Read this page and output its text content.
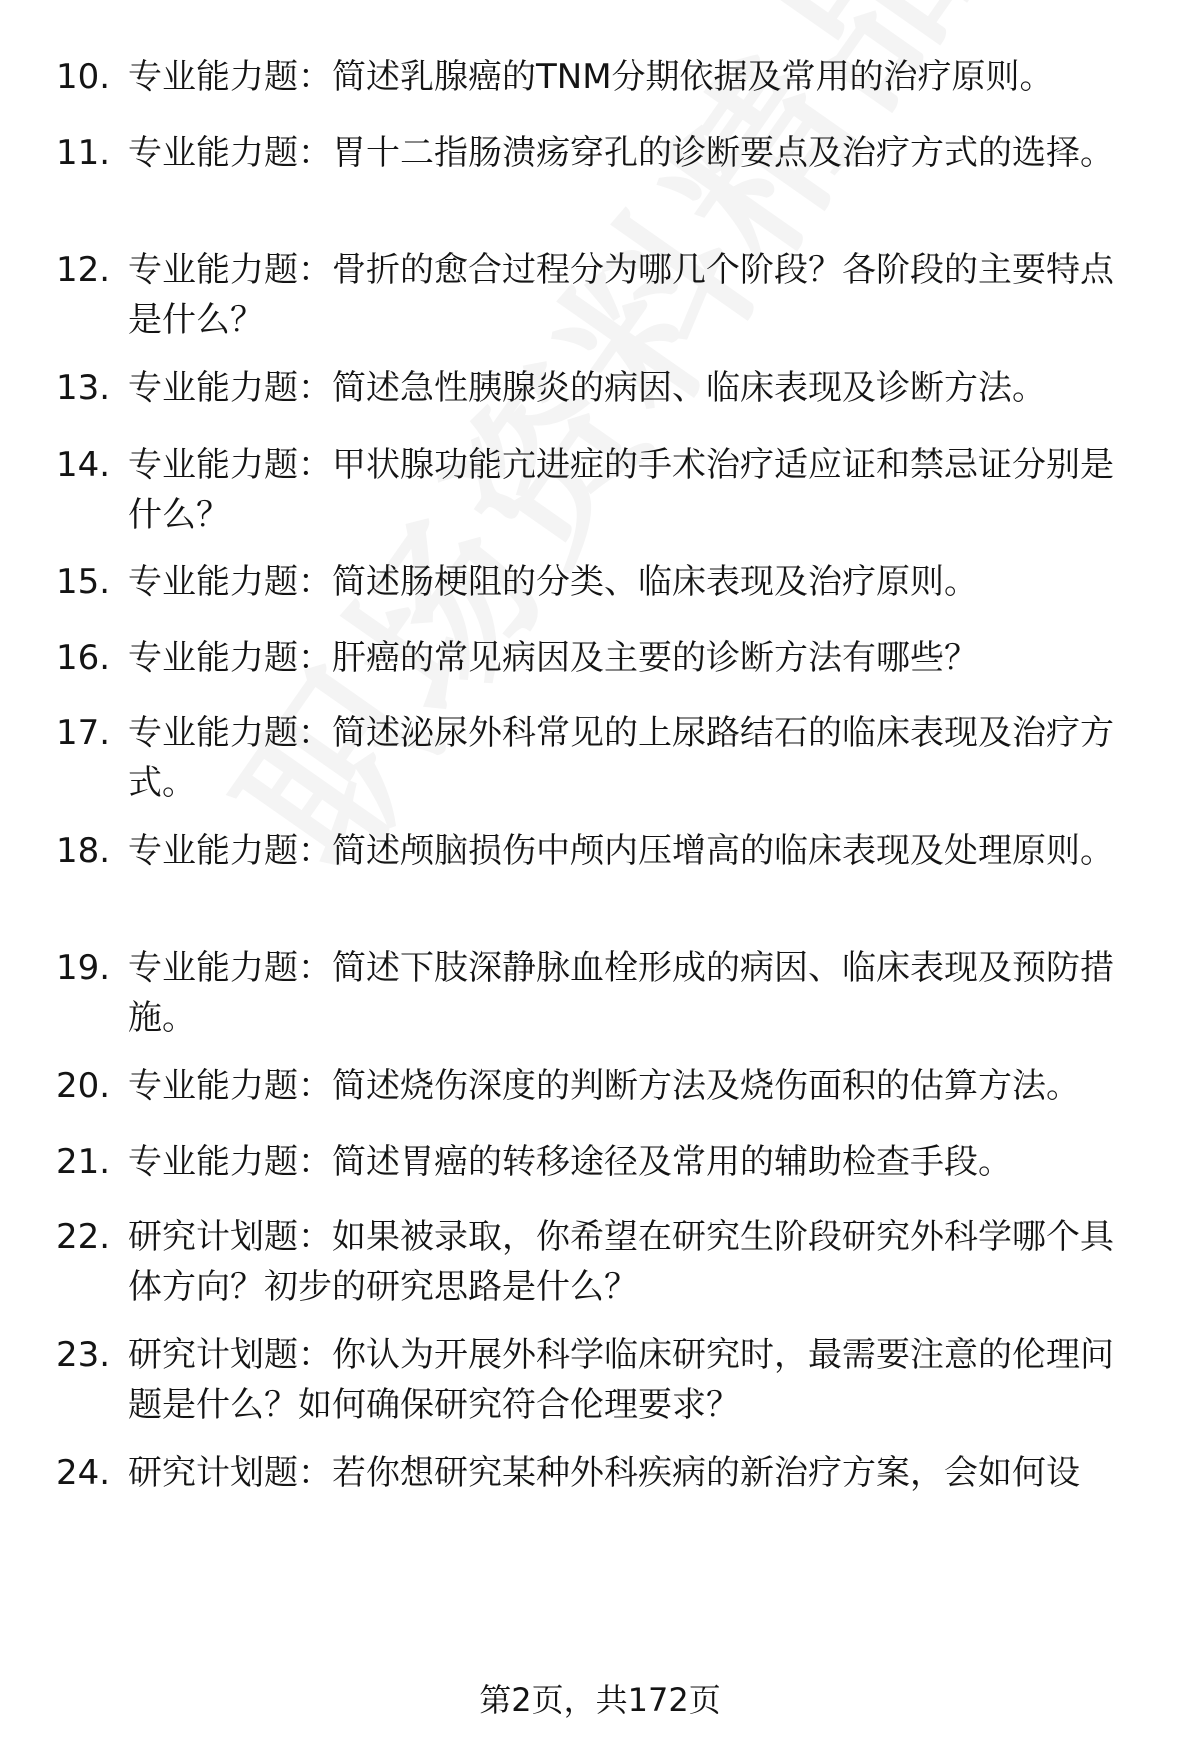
10. 专业能力题：简述乳腺癌的TNM分期依据及常用的治疗原则。
11. 专业能力题：胃十二指肠溃疡穿孔的诊断要点及治疗方式的选择。
12. 专业能力题：骨折的愈合过程分为哪几个阶段？各阶段的主要特点是什么？
13. 专业能力题：简述急性胰腺炎的病因、临床表现及诊断方法。
14. 专业能力题：甲状腺功能亢进症的手术治疗适应证和禁忌证分别是什么？
15. 专业能力题：简述肠梗阻的分类、临床表现及治疗原则。
16. 专业能力题：肝癌的常见病因及主要的诊断方法有哪些？
17. 专业能力题：简述泌尿外科常见的上尿路结石的临床表现及治疗方式。
18. 专业能力题：简述颅脑损伤中颅内压增高的临床表现及处理原则。
19. 专业能力题：简述下肢深静脉血栓形成的病因、临床表现及预防措施。
20. 专业能力题：简述烧伤深度的判断方法及烧伤面积的估算方法。
21. 专业能力题：简述胃癌的转移途径及常用的辅助检查手段。
22. 研究计划题：如果被录取，你希望在研究生阶段研究外科学哪个具体方向？初步的研究思路是什么？
23. 研究计划题：你认为开展外科学临床研究时，最需要注意的伦理问题是什么？如何确保研究符合伦理要求？
24. 研究计划题：若你想研究某种外科疾病的新治疗方案，会如何设
第2页，共172页
